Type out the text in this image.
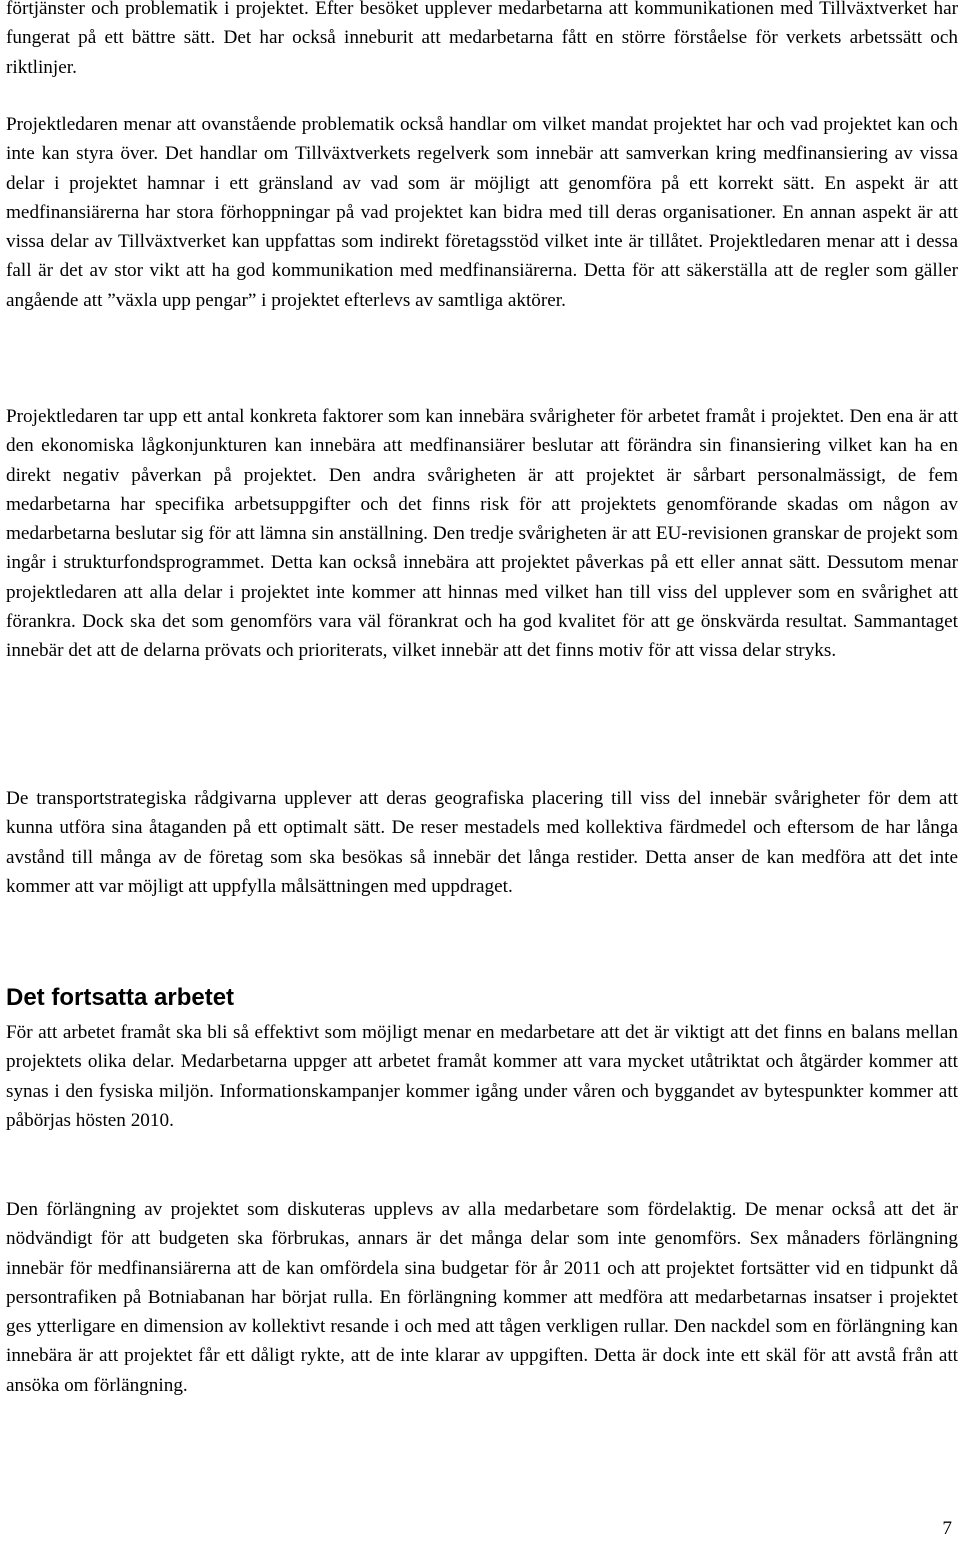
förtjänster och problematik i projektet. Efter besöket upplever medarbetarna att kommunikationen med Tillväxtverket har fungerat på ett bättre sätt. Det har också inneburit att medarbetarna fått en större förståelse för verkets arbetssätt och riktlinjer.

Projektledaren menar att ovanstående problematik också handlar om vilket mandat projektet har och vad projektet kan och inte kan styra över. Det handlar om Tillväxtverkets regelverk som innebär att samverkan kring medfinansiering av vissa delar i projektet hamnar i ett gränsland av vad som är möjligt att genomföra på ett korrekt sätt. En aspekt är att medfinansiärerna har stora förhoppningar på vad projektet kan bidra med till deras organisationer. En annan aspekt är att vissa delar av Tillväxtverket kan uppfattas som indirekt företagsstöd vilket inte är tillåtet. Projektledaren menar att i dessa fall är det av stor vikt att ha god kommunikation med medfinansiärerna. Detta för att säkerställa att de regler som gäller angående att ”växla upp pengar” i projektet efterlevs av samtliga aktörer.

Projektledaren tar upp ett antal konkreta faktorer som kan innebära svårigheter för arbetet framåt i projektet. Den ena är att den ekonomiska lågkonjunkturen kan innebära att medfinansiärer beslutar att förändra sin finansiering vilket kan ha en direkt negativ påverkan på projektet. Den andra svårigheten är att projektet är sårbart personalmässigt, de fem medarbetarna har specifika arbetsuppgifter och det finns risk för att projektets genomförande skadas om någon av medarbetarna beslutar sig för att lämna sin anställning. Den tredje svårigheten är att EU-revisionen granskar de projekt som ingår i strukturfondsprogrammet. Detta kan också innebära att projektet påverkas på ett eller annat sätt. Dessutom menar projektledaren att alla delar i projektet inte kommer att hinnas med vilket han till viss del upplever som en svårighet att förankra. Dock ska det som genomförs vara väl förankrat och ha god kvalitet för att ge önskvärda resultat. Sammantaget innebär det att de delarna prövats och prioriterats, vilket innebär att det finns motiv för att vissa delar stryks.

De transportstrategiska rådgivarna upplever att deras geografiska placering till viss del innebär svårigheter för dem att kunna utföra sina åtaganden på ett optimalt sätt. De reser mestadels med kollektiva färdmedel och eftersom de har långa avstånd till många av de företag som ska besökas så innebär det långa restider. Detta anser de kan medföra att det inte kommer att var möjligt att uppfylla målsättningen med uppdraget.

Det fortsatta arbetet

För att arbetet framåt ska bli så effektivt som möjligt menar en medarbetare att det är viktigt att det finns en balans mellan projektets olika delar. Medarbetarna uppger att arbetet framåt kommer att vara mycket utåtriktat och åtgärder kommer att synas i den fysiska miljön. Informationskampanjer kommer igång under våren och byggandet av bytespunkter kommer att påbörjas hösten 2010.

Den förlängning av projektet som diskuteras upplevs av alla medarbetare som fördelaktig. De menar också att det är nödvändigt för att budgeten ska förbrukas, annars är det många delar som inte genomförs. Sex månaders förlängning innebär för medfinansiärerna att de kan omfördela sina budgetar för år 2011 och att projektet fortsätter vid en tidpunkt då persontrafiken på Botniabanan har börjat rulla. En förlängning kommer att medföra att medarbetarnas insatser i projektet ges ytterligare en dimension av kollektivt resande i och med att tågen verkligen rullar. Den nackdel som en förlängning kan innebära är att projektet får ett dåligt rykte, att de inte klarar av uppgiften. Detta är dock inte ett skäl för att avstå från att ansöka om förlängning.

7
